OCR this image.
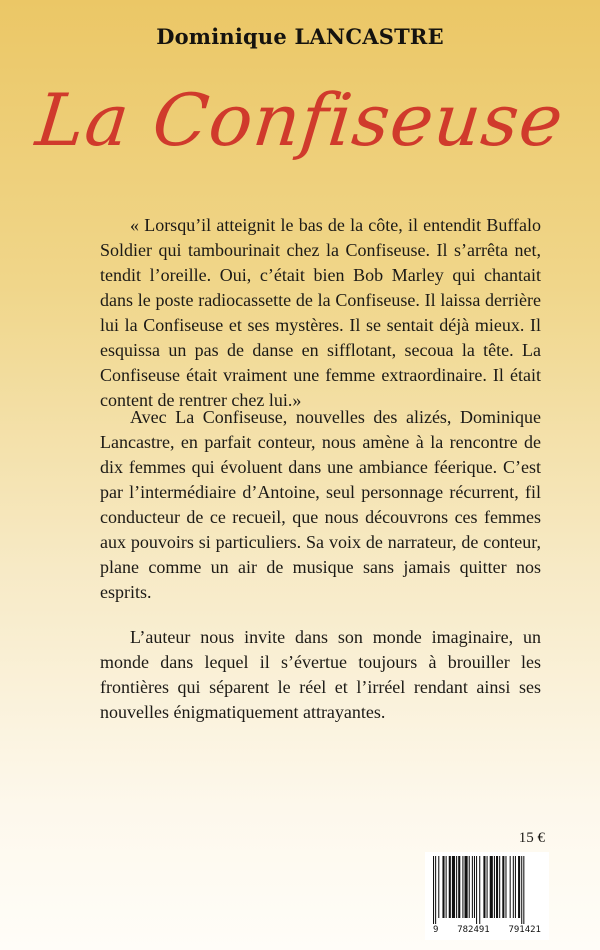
Dominique LANCASTRE
La Confiseuse

« Lorsqu’il atteignit le bas de la côte, il entendit Buffalo Soldier qui tambourinait chez la Confiseuse. Il s’arrêta net, tendit l’oreille. Oui, c’était bien Bob Marley qui chantait dans le poste radiocassette de la Confiseuse. Il laissa derrière lui la Confiseuse et ses mystères. Il se sentait déjà mieux. Il esquissa un pas de danse en sifflotant, secoua la tête. La Confiseuse était vraiment une femme extraordinaire. Il était content de rentrer chez lui.»

Avec La Confiseuse, nouvelles des alizés, Dominique Lancastre, en parfait conteur, nous amène à la rencontre de dix femmes qui évoluent dans une ambiance féerique. C’est par l’intermédiaire d’Antoine, seul personnage récurrent, fil conducteur de ce recueil, que nous découvrons ces femmes aux pouvoirs si particuliers. Sa voix de narrateur, de conteur, plane comme un air de musique sans jamais quitter nos esprits.

L’auteur nous invite dans son monde imaginaire, un monde dans lequel il s’évertue toujours à brouiller les frontières qui séparent le réel et l’irréel rendant ainsi ses nouvelles énigmatiquement attrayantes.

15 €
9 782491 791421
